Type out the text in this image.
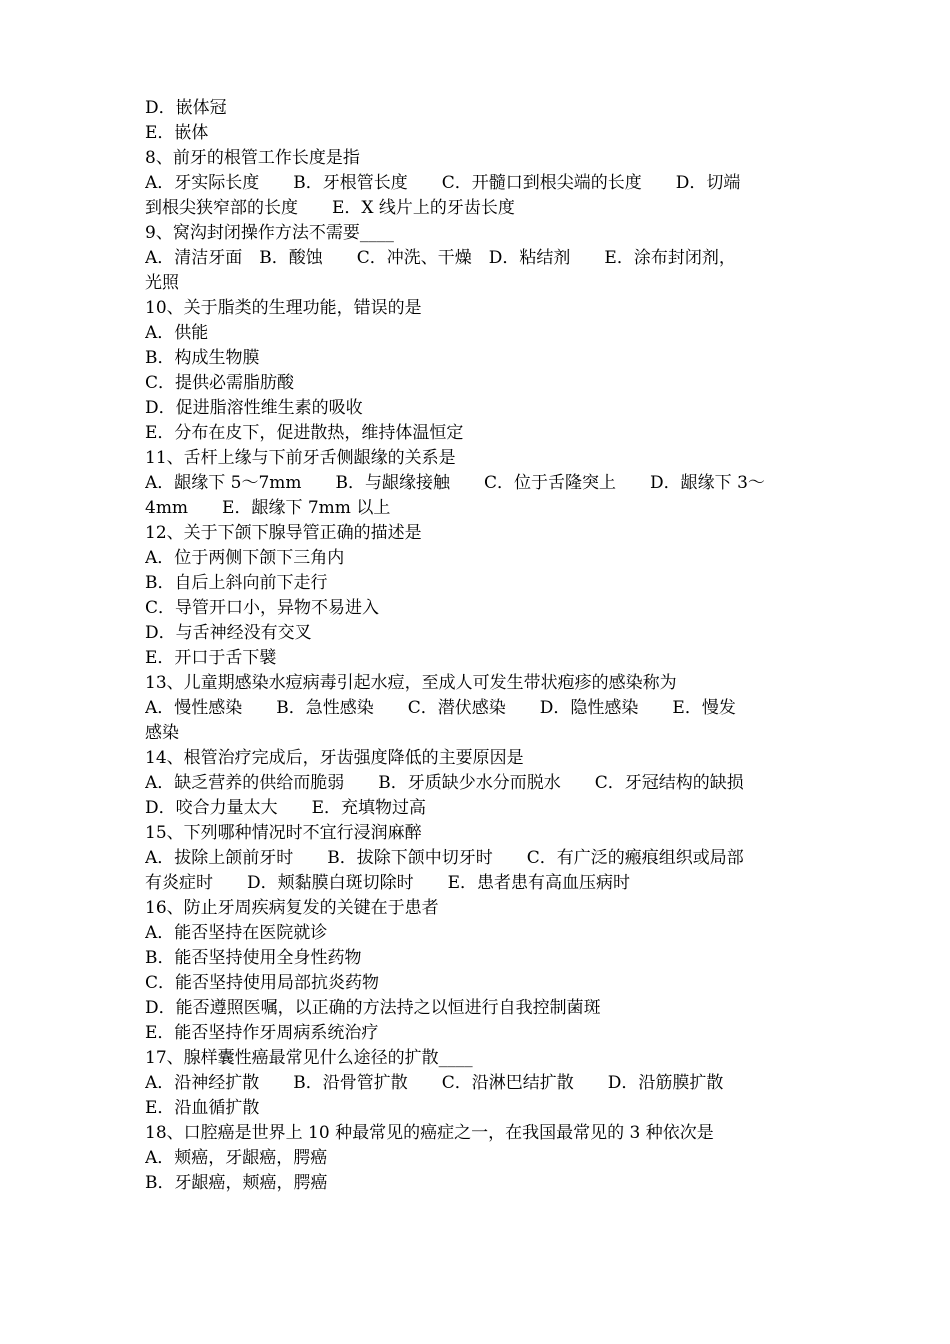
D．嵌体冠
E．嵌体
8、前牙的根管工作长度是指
A．牙实际长度　　B．牙根管长度　　C．开髓口到根尖端的长度　　D．切端
到根尖狭窄部的长度　　E．X 线片上的牙齿长度
9、窝沟封闭操作方法不需要____
A．清洁牙面　B．酸蚀　　C．冲洗、干燥　D．粘结剂　　E．涂布封闭剂，
光照
10、关于脂类的生理功能，错误的是
A．供能
B．构成生物膜
C．提供必需脂肪酸
D．促进脂溶性维生素的吸收
E．分布在皮下，促进散热，维持体温恒定
11、舌杆上缘与下前牙舌侧龈缘的关系是
A．龈缘下 5～7mm　　B．与龈缘接触　　C．位于舌隆突上　　D．龈缘下 3～
4mm　　E．龈缘下 7mm 以上
12、关于下颌下腺导管正确的描述是
A．位于两侧下颌下三角内
B．自后上斜向前下走行
C．导管开口小，异物不易进入
D．与舌神经没有交叉
E．开口于舌下襞
13、儿童期感染水痘病毒引起水痘，至成人可发生带状疱疹的感染称为
A．慢性感染　　B．急性感染　　C．潜伏感染　　D．隐性感染　　E．慢发
感染
14、根管治疗完成后，牙齿强度降低的主要原因是
A．缺乏营养的供给而脆弱　　B．牙质缺少水分而脱水　　C．牙冠结构的缺损
D．咬合力量太大　　E．充填物过高
15、下列哪种情况时不宜行浸润麻醉
A．拔除上颌前牙时　　B．拔除下颌中切牙时　　C．有广泛的瘢痕组织或局部
有炎症时　　D．颊黏膜白斑切除时　　E．患者患有高血压病时
16、防止牙周疾病复发的关键在于患者
A．能否坚持在医院就诊
B．能否坚持使用全身性药物
C．能否坚持使用局部抗炎药物
D．能否遵照医嘱，以正确的方法持之以恒进行自我控制菌斑
E．能否坚持作牙周病系统治疗
17、腺样囊性癌最常见什么途径的扩散____
A．沿神经扩散　　B．沿骨管扩散　　C．沿淋巴结扩散　　D．沿筋膜扩散
E．沿血循扩散
18、口腔癌是世界上 10 种最常见的癌症之一，在我国最常见的 3 种依次是
A．颊癌，牙龈癌，腭癌
B．牙龈癌，颊癌，腭癌
